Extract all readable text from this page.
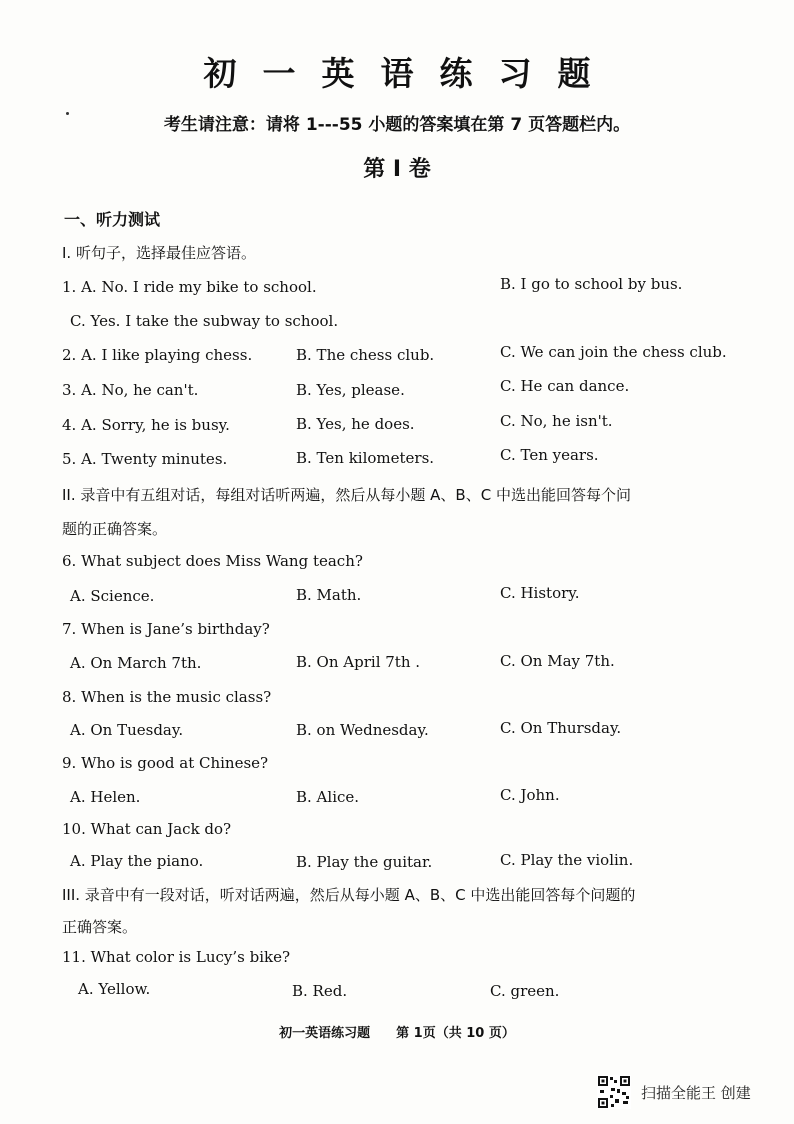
初一英语练习题
考生请注意：请将 1---55 小题的答案填在第 7 页答题栏内。
第 I 卷
一、听力测试
I. 听句子，选择最佳应答语。
1. A. No. I ride my bike to school.	B. I go to school by bus.
C. Yes. I take the subway to school.
2. A. I like playing chess.	B. The chess club.	C. We can join the chess club.
3. A. No, he can't.	B. Yes, please.	C. He can dance.
4. A. Sorry, he is busy.	B. Yes, he does.	C. No, he isn't.
5. A. Twenty minutes.	B. Ten kilometers.	C. Ten years.
II. 录音中有五组对话，每组对话听两遍，然后从每小题 A、B、C 中选出能回答每个问
题的正确答案。
6. What subject does Miss Wang teach?
A. Science.	B. Math.	C. History.
7. When is Jane’s birthday?
A. On March 7th.	B. On April 7th .	C. On May 7th.
8. When is the music class?
A. On Tuesday.	B. on Wednesday.	C. On Thursday.
9. Who is good at Chinese?
A. Helen.	B. Alice.	C. John.
10. What can Jack do?
A. Play the piano.	B. Play the guitar.	C. Play the violin.
III. 录音中有一段对话，听对话两遍，然后从每小题 A、B、C 中选出能回答每个问题的
正确答案。
11. What color is Lucy’s bike?
A. Yellow.	B. Red.	C. green.
初一英语练习题　　第 1页（共 10 页）
扫描全能王 创建
